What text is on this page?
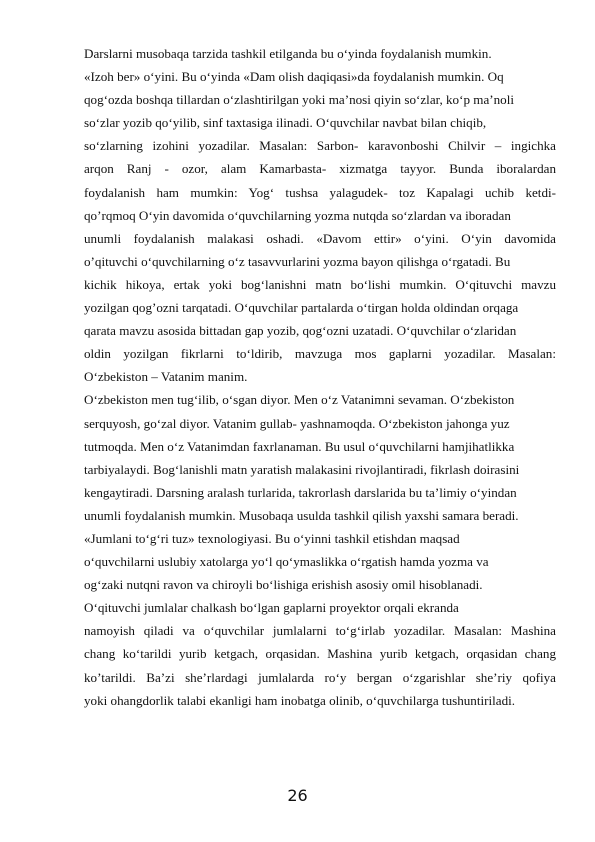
Darslarni musobaqa tarzida tashkil etilganda bu o‘yinda foydalanish mumkin.
«Izoh ber» o‘yini. Bu o‘yinda «Dam olish daqiqasi»da foydalanish mumkin. Oq
qog‘ozda boshqa tillardan o‘zlashtirilgan yoki ma’nosi qiyin so‘zlar, ko‘p ma’noli
so‘zlar yozib qo‘yilib, sinf taxtasiga ilinadi. O‘quvchilar navbat bilan chiqib,
so‘zlarning izohini yozadilar. Masalan: Sarbon- karavonboshi Chilvir – ingichka
arqon Ranj - ozor, alam Kamarbasta- xizmatga tayyor. Bunda iboralardan
foydalanish ham mumkin: Yog‘ tushsa yalagudek- toz Kapalagi uchib ketdi-
qo’rqmoq O‘yin davomida o‘quvchilarning yozma nutqda so‘zlardan va iboradan
unumli foydalanish malakasi oshadi. «Davom ettir» o‘yini. O‘yin davomida
o’qituvchi o‘quvchilarning o‘z tasavvurlarini yozma bayon qilishga o‘rgatadi. Bu
kichik hikoya, ertak yoki bog‘lanishni matn bo‘lishi mumkin. O‘qituvchi mavzu
yozilgan qog’ozni tarqatadi. O‘quvchilar partalarda o‘tirgan holda oldindan orqaga
qarata mavzu asosida bittadan gap yozib, qog‘ozni uzatadi. O‘quvchilar o‘zlaridan
oldin yozilgan fikrlarni to‘ldirib, mavzuga mos gaplarni yozadilar. Masalan:
O‘zbekiston – Vatanim manim.
O‘zbekiston men tug‘ilib, o‘sgan diyor. Men o‘z Vatanimni sevaman. O‘zbekiston
serquyosh, go‘zal diyor. Vatanim gullab- yashnamoqda. O‘zbekiston jahonga yuz
tutmoqda. Men o‘z Vatanimdan faxrlanaman. Bu usul o‘quvchilarni hamjihatlikka
tarbiyalaydi. Bog‘lanishli matn yaratish malakasini rivojlantiradi, fikrlash doirasini
kengaytiradi. Darsning aralash turlarida, takrorlash darslarida bu ta’limiy o‘yindan
unumli foydalanish mumkin. Musobaqa usulda tashkil qilish yaxshi samara beradi.
«Jumlani to‘g‘ri tuz» texnologiyasi. Bu o‘yinni tashkil etishdan maqsad
o‘quvchilarni uslubiy xatolarga yo‘l qo‘ymaslikka o‘rgatish hamda yozma va
og‘zaki nutqni ravon va chiroyli bo‘lishiga erishish asosiy omil hisoblanadi.
O‘qituvchi jumlalar chalkash bo‘lgan gaplarni proyektor orqali ekranda
namoyish qiladi va o‘quvchilar jumlalarni to‘g‘irlab yozadilar. Masalan: Mashina
chang ko‘tarildi yurib ketgach, orqasidan. Mashina yurib ketgach, orqasidan chang
ko’tarildi. Ba’zi she’rlardagi jumlalarda ro‘y bergan o‘zgarishlar she’riy qofiya
yoki ohangdorlik talabi ekanligi ham inobatga olinib, o‘quvchilarga tushuntiriladi.
26
